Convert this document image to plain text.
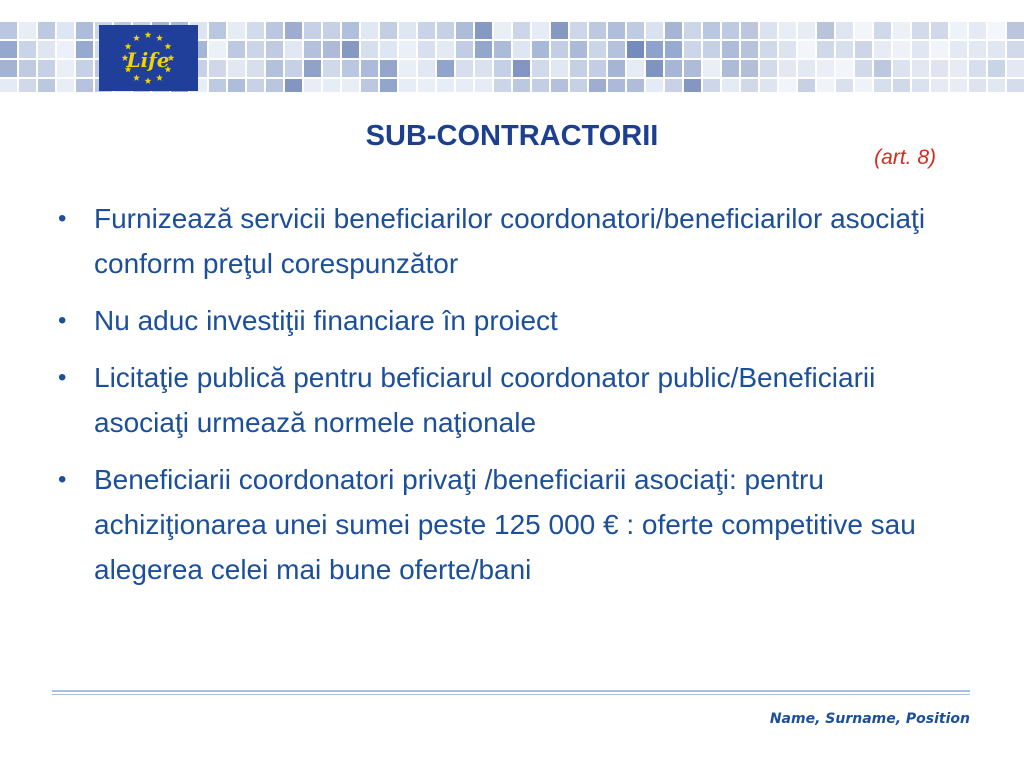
Life
SUB-CONTRACTORII
(art. 8)
• Furnizează servicii beneficiarilor coordonatori/beneficiarilor asociaţi conform preţul corespunzător
• Nu aduc investiţii financiare în proiect
• Licitaţie publică pentru beficiarul coordonator public/Beneficiarii asociaţi urmează normele naţionale
• Beneficiarii coordonatori privaţi /beneficiarii asociaţi: pentru achiziţionarea unei sumei peste 125 000 € : oferte competitive sau alegerea celei mai bune oferte/bani
Name, Surname, Position
